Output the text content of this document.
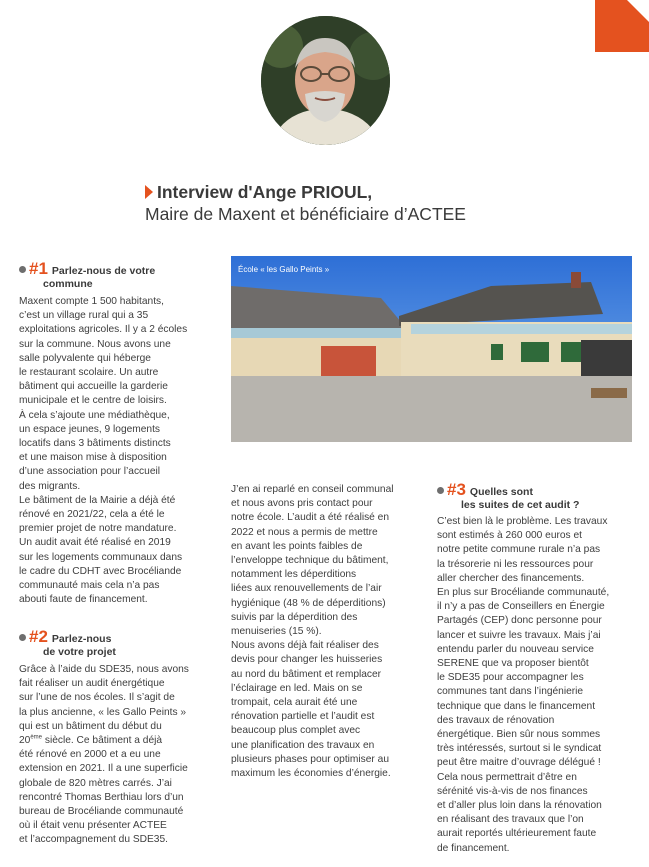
Interview d'Ange PRIOUL,
Maire de Maxent et bénéficiaire d’ACTEE
#1 Parlez-nous de votre
commune

Maxent compte 1 500 habitants,
c’est un village rural qui a 35
exploitations agricoles. Il y a 2 écoles
sur la commune. Nous avons une
salle polyvalente qui héberge
le restaurant scolaire. Un autre
bâtiment qui accueille la garderie
municipale et le centre de loisirs.
À cela s’ajoute une médiathèque,
un espace jeunes, 9 logements
locatifs dans 3 bâtiments distincts
et une maison mise à disposition
d’une association pour l’accueil
des migrants.
Le bâtiment de la Mairie a déjà été
rénové en 2021/22, cela a été le
premier projet de notre mandature.
Un audit avait été réalisé en 2019
sur les logements communaux dans
le cadre du CDHT avec Brocéliande
communauté mais cela n’a pas
abouti faute de financement.

#2 Parlez-nous
de votre projet

Grâce à l’aide du SDE35, nous avons
fait réaliser un audit énergétique
sur l’une de nos écoles. Il s’agit de
la plus ancienne, « les Gallo Peints »
qui est un bâtiment du début du
20ème siècle. Ce bâtiment a déjà
été rénové en 2000 et a eu une
extension en 2021. Il a une superficie
globale de 820 mètres carrés. J’ai
rencontré Thomas Berthiau lors d’un
bureau de Brocéliande communauté
où il était venu présenter ACTEE
et l’accompagnement du SDE35.

École « les Gallo Peints »

J’en ai reparlé en conseil communal
et nous avons pris contact pour
notre école. L’audit a été réalisé en
2022 et nous a permis de mettre
en avant les points faibles de
l’enveloppe technique du bâtiment,
notamment les déperditions
liées aux renouvellements de l’air
hygiénique (48 % de déperditions)
suivis par la déperdition des
menuiseries (15 %).
Nous avons déjà fait réaliser des
devis pour changer les huisseries
au nord du bâtiment et remplacer
l’éclairage en led. Mais on se
trompait, cela aurait été une
rénovation partielle et l’audit est
beaucoup plus complet avec
une planification des travaux en
plusieurs phases pour optimiser au
maximum les économies d’énergie.

#3 Quelles sont
les suites de cet audit ?

C’est bien là le problème. Les travaux
sont estimés à 260 000 euros et
notre petite commune rurale n’a pas
la trésorerie ni les ressources pour
aller chercher des financements.
En plus sur Brocéliande communauté,
il n’y a pas de Conseillers en Énergie
Partagés (CEP) donc personne pour
lancer et suivre les travaux. Mais j’ai
entendu parler du nouveau service
SERENE que va proposer bientôt
le SDE35 pour accompagner les
communes tant dans l’ingénierie
technique que dans le financement
des travaux de rénovation
énergétique. Bien sûr nous sommes
très intéressés, surtout si le syndicat
peut être maitre d’ouvrage délégué !
Cela nous permettrait d’être en
sérénité vis-à-vis de nos finances
et d’aller plus loin dans la rénovation
en réalisant des travaux que l’on
aurait reportés ultérieurement faute
de financement.
